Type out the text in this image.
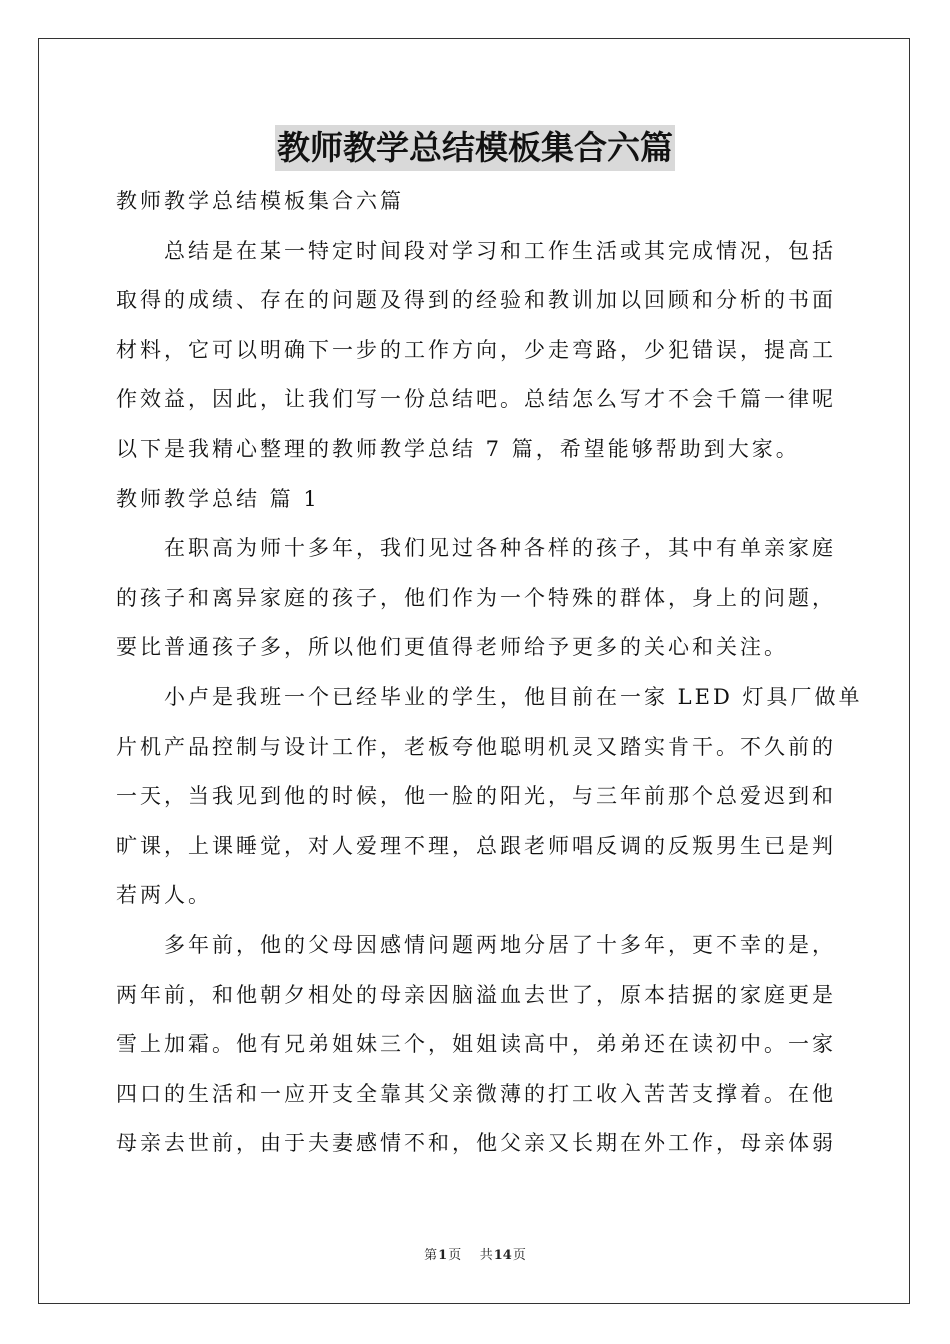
教师教学总结模板集合六篇
教师教学总结模板集合六篇
总结是在某一特定时间段对学习和工作生活或其完成情况，包括
取得的成绩、存在的问题及得到的经验和教训加以回顾和分析的书面
材料，它可以明确下一步的工作方向，少走弯路，少犯错误，提高工
作效益，因此，让我们写一份总结吧。总结怎么写才不会千篇一律呢
以下是我精心整理的教师教学总结 7 篇，希望能够帮助到大家。
教师教学总结 篇 1
在职高为师十多年，我们见过各种各样的孩子，其中有单亲家庭
的孩子和离异家庭的孩子，他们作为一个特殊的群体，身上的问题，
要比普通孩子多，所以他们更值得老师给予更多的关心和关注。
小卢是我班一个已经毕业的学生，他目前在一家 LED 灯具厂做单
片机产品控制与设计工作，老板夸他聪明机灵又踏实肯干。不久前的
一天，当我见到他的时候，他一脸的阳光，与三年前那个总爱迟到和
旷课，上课睡觉，对人爱理不理，总跟老师唱反调的反叛男生已是判
若两人。
多年前，他的父母因感情问题两地分居了十多年，更不幸的是，
两年前，和他朝夕相处的母亲因脑溢血去世了，原本拮据的家庭更是
雪上加霜。他有兄弟姐妹三个，姐姐读高中，弟弟还在读初中。一家
四口的生活和一应开支全靠其父亲微薄的打工收入苦苦支撑着。在他
母亲去世前，由于夫妻感情不和，他父亲又长期在外工作，母亲体弱
第1页 共14页
